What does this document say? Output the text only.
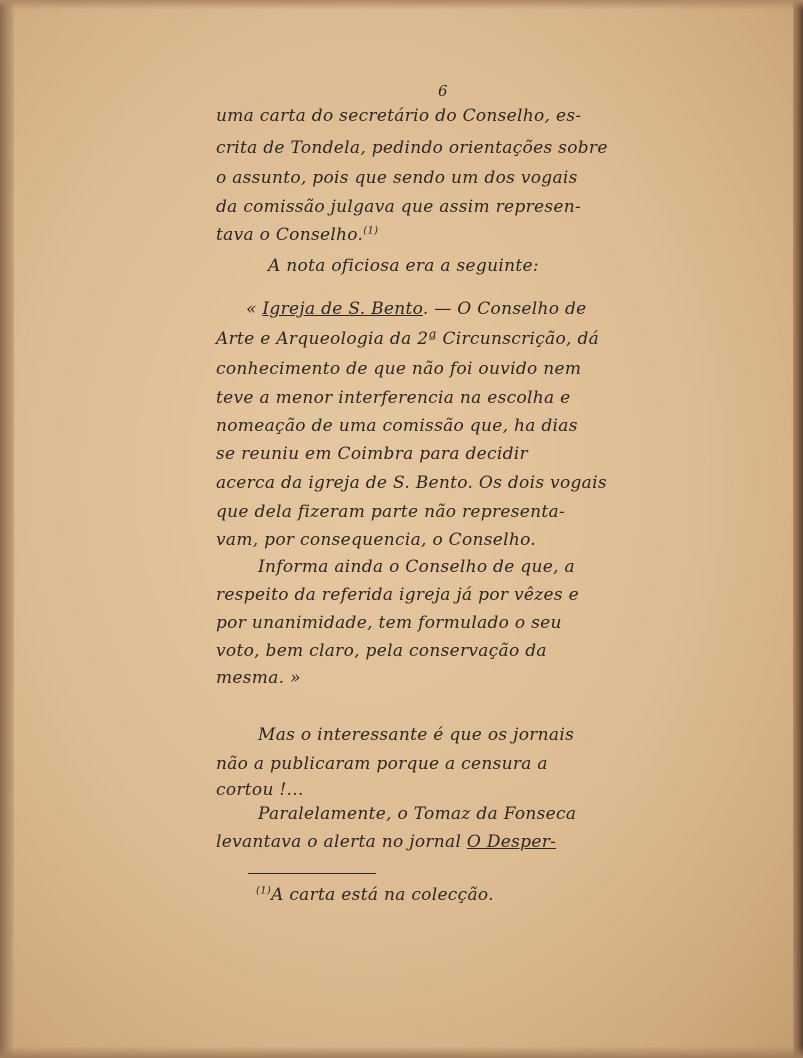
6
uma carta do secretário do Conselho, es-
crita de Tondela, pedindo orientações sobre
o assunto, pois que sendo um dos vogais
da comissão julgava que assim represen-
tava o Conselho.$^{(1)}$
A nota oficiosa era a seguinte:
« Igreja de S. Bento. — O Conselho de
Arte e Arqueologia da 2ª Circunscrição, dá
conhecimento de que não foi ouvido nem
teve a menor interferencia na escolha e
nomeação de uma comissão que, ha dias
se reuniu em Coimbra para decidir
acerca da igreja de S. Bento. Os dois vogais
que dela fizeram parte não representa-
vam, por consequencia, o Conselho.
Informa ainda o Conselho de que, a
respeito da referida igreja já por vêzes e
por unanimidade, tem formulado o seu
voto, bem claro, pela conservação da
mesma. »
Mas o interessante é que os jornais
não a publicaram porque a censura a
cortou !...
Paralelamente, o Tomaz da Fonseca
levantava o alerta no jornal O Desper-
$^{(1)}$A carta está na colecção.
